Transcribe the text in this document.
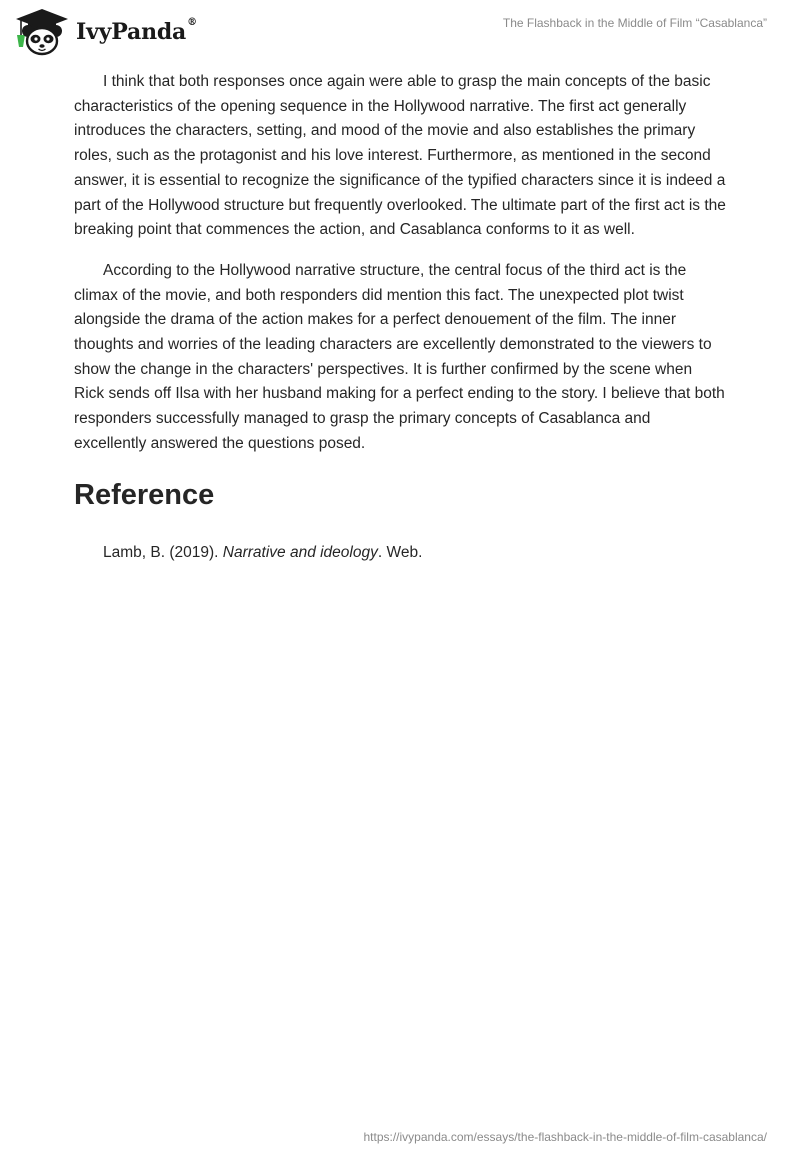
IvyPanda®	The Flashback in the Middle of Film “Casablanca”

I think that both responses once again were able to grasp the main concepts of the basic characteristics of the opening sequence in the Hollywood narrative. The first act generally introduces the characters, setting, and mood of the movie and also establishes the primary roles, such as the protagonist and his love interest. Furthermore, as mentioned in the second answer, it is essential to recognize the significance of the typified characters since it is indeed a part of the Hollywood structure but frequently overlooked. The ultimate part of the first act is the breaking point that commences the action, and Casablanca conforms to it as well.

According to the Hollywood narrative structure, the central focus of the third act is the climax of the movie, and both responders did mention this fact. The unexpected plot twist alongside the drama of the action makes for a perfect denouement of the film. The inner thoughts and worries of the leading characters are excellently demonstrated to the viewers to show the change in the characters' perspectives. It is further confirmed by the scene when Rick sends off Ilsa with her husband making for a perfect ending to the story. I believe that both responders successfully managed to grasp the primary concepts of Casablanca and excellently answered the questions posed.

Reference

Lamb, B. (2019). Narrative and ideology. Web.

https://ivypanda.com/essays/the-flashback-in-the-middle-of-film-casablanca/
